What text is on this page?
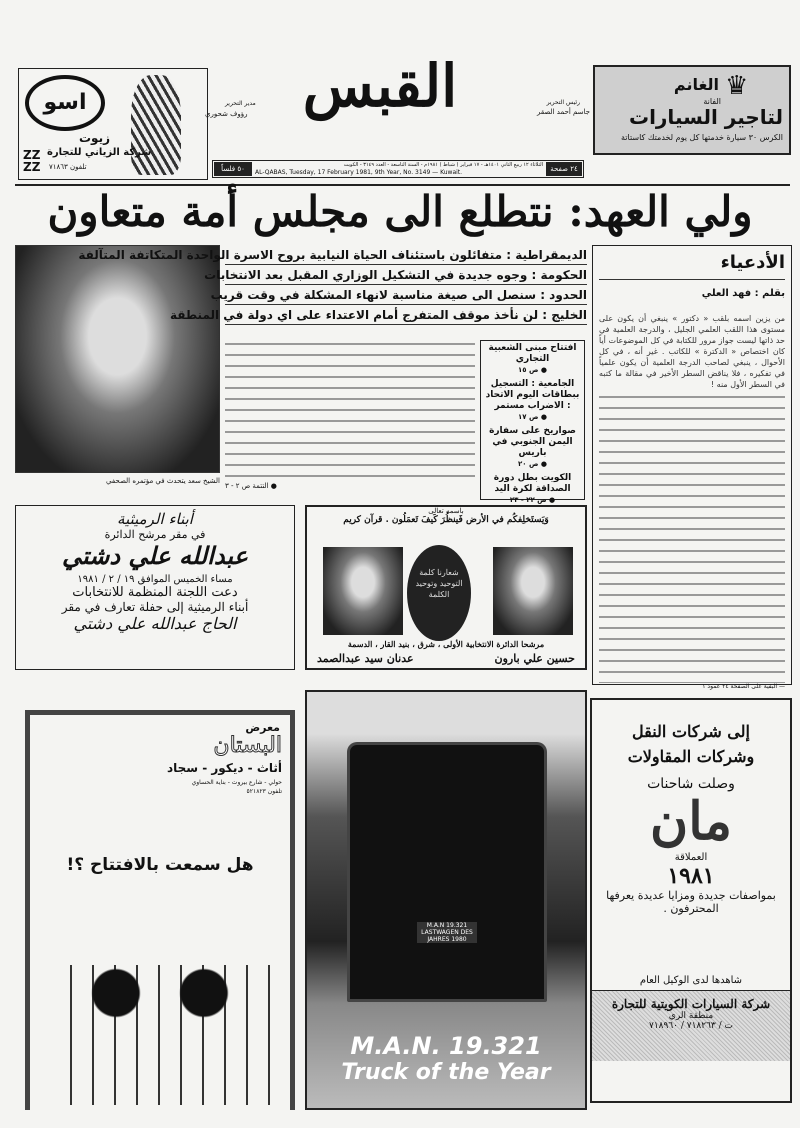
♛
الغانم
الفانة
لتاجير السيارات
الكرس ٣٠ سيارة خدمتها كل يوم لخدمتك كاستاتة
رئيس التحرير
جاسم أحمد الصقر
القبس
مدير التحرير
رؤوف شحوري
٥٠ فلساً	الثلاثاء ١٢ ربيع الثاني ١٤٠١هـ - ١٧ فبراير ( شباط ) ١٩٨١م - السنة التاسعة - العدد ٣١٤٩ - الكويت
AL-QABAS, Tuesday, 17 February 1981, 9th Year, No. 3149 — Kuwait.	٢٤ صفحة
اسو
زيوت
شركة الزياني للتجارة
تلفون ٧١٨٦٣
ZZ
ZZ
ولي العهد: نتطلع الى مجلس أمة متعاون
الشيخ سعد يتحدث في مؤتمره الصحفي
الديمقراطية : متفائلون باستئناف الحياة النيابية بروح الاسرة الواحدة المتكاتفة المتآلفة
الحكومة : وجوه جديدة في التشكيل الوزاري المقبل بعد الانتخابات
الحدود : سنصل الى صيغة مناسبة لانهاء المشكلة في وقت قريب
الخليج : لن نأخذ موقف المتفرج أمام الاعتداء على اي دولة في المنطقة
● التتمة ص ٢ - ٣
افتتاح مبنى الشعبية التجاري
● ص ١٥
الجامعية : التسجيل ببطاقات اليوم الاتحاد : الاضراب مستمر
● ص ١٧
صواريخ على سفارة اليمن الجنوبي في باريس
● ص ٢٠
الكويت بطل دورة الصداقة لكرة اليد
● ص ٢٢ - ٢٣
الأدعياء
بقلم : فهد العلي
من يزين اسمه بلقب « دكتور » ينبغي أن يكون على مستوى هذا اللقب العلمي الجليل ، والدرجة العلمية في حد ذاتها ليست جواز مرور للكتابة في كل الموضوعات أياً كان اختصاص « الدكترة » للكاتب . غير أنه ، في كل الأحوال ، ينبغي لصاحب الدرجة العلمية أن يكون علمياً في تفكيره ، فلا يناقض السطر الأخير في مقالة ما كتبه في السطر الأول منه !
— البقية على الصفحة ٢٤ عمود ١
أبناء الرميثية
في مقر مرشح الدائرة
عبدالله علي دشتي
مساء الخميس الموافق ١٩ / ٢ / ١٩٨١
دعت اللجنة المنظمة للانتخابات
أبناء الرميثية إلى حفلة تعارف في مقر
الحاج عبدالله علي دشتي
باسمه تعالى
وَيَستَخلِفكُم في الأرض فَينظُرَ كَيفَ تَعمَلُون . قرآن كريم
شعارنا كلمة التوحيد وتوحيد الكلمة
مرشحا الدائرة الانتخابية الأولى ، شرق ، بنيد القار ، الدسمة
حسين علي بارون
عدنان سيد عبدالصمد
معرض
البستان
أثاث - ديكور - سجاد
حولي - شارع بيروت - بناية الحساوي
تلفون ٥٢١٨٢٣
هل سمعت بالافتتاح ؟!
M.A.N. 19.321
Truck of the Year
M.A.N 19.321 LASTWAGEN DES JAHRES 1980
إلى شركات النقل
وشركات المقاولات
وصلت شاحنات
مان
العملاقة
١٩٨١
بمواصفات جديدة ومزايا عديدة يعرفها المحترفون .
شاهدها لدى الوكيل العام
شركة السيارات الكويتية للتجارة
منطقة الري
ت / ٧١٨٢٦٣ / ٧١٨٩٦٠
